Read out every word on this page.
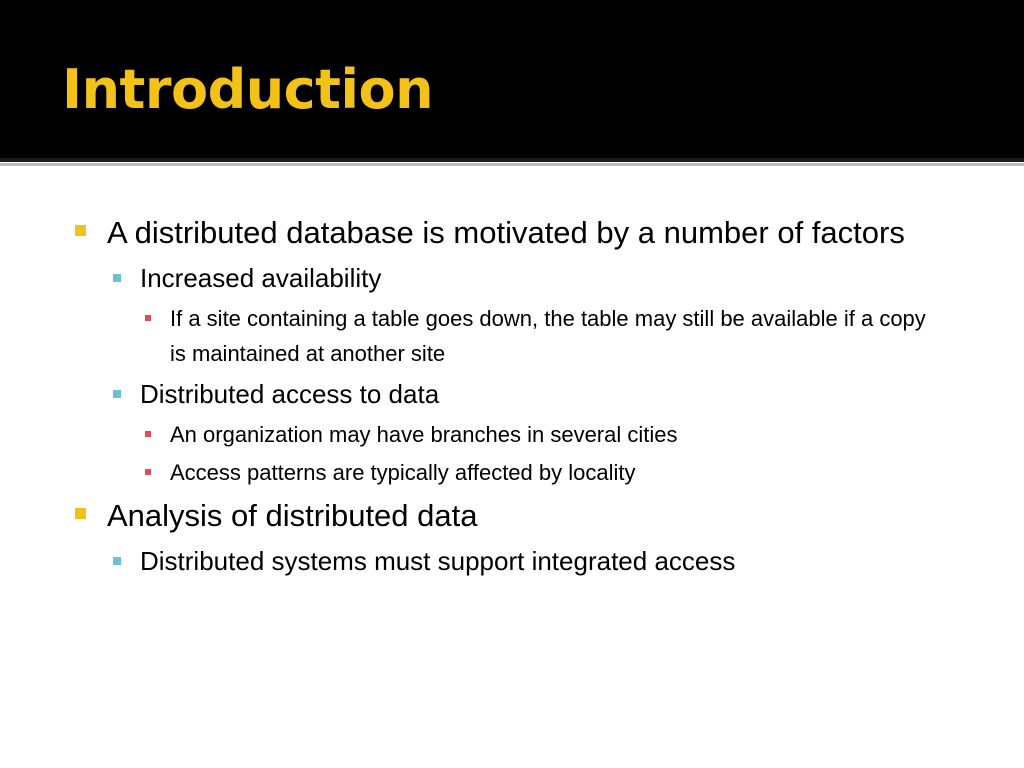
Introduction
A distributed database is motivated by a number of factors
Increased availability
If a site containing a table goes down, the table may still be available if a copy is maintained at another site
Distributed access to data
An organization may have branches in several cities
Access patterns are typically affected by locality
Analysis of distributed data
Distributed systems must support integrated access
